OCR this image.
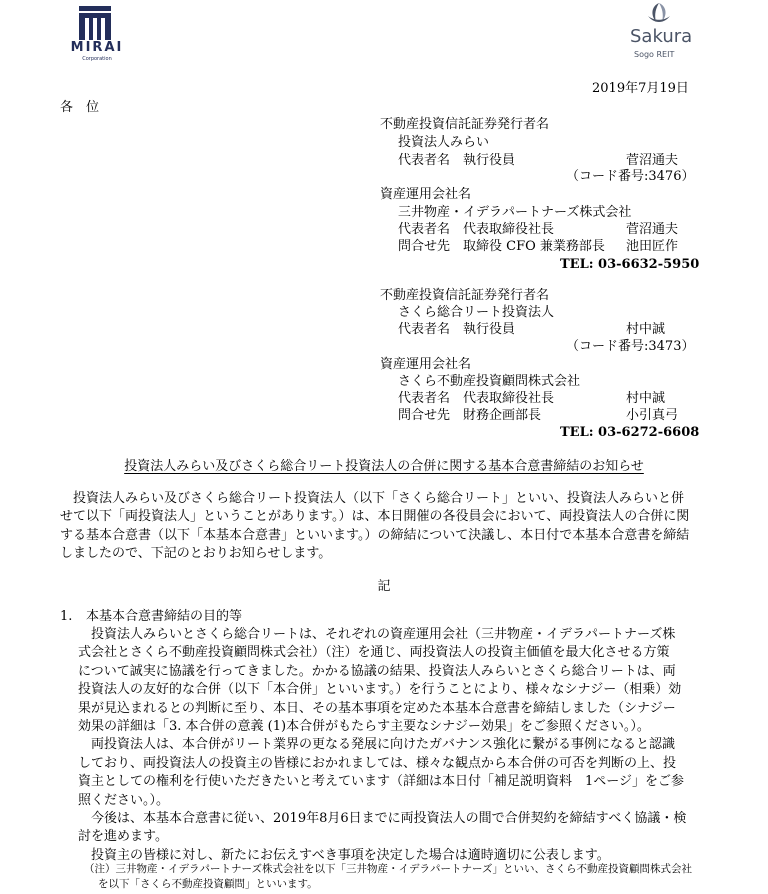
MIRAI
Corporation
Sakura
Sogo REIT
2019年7月19日
各　位
不動産投資信託証券発行者名
投資法人みらい
代表者名　執行役員	菅沼通夫
（コード番号:3476）
資産運用会社名
三井物産・イデラパートナーズ株式会社
代表者名　代表取締役社長	菅沼通夫
問合せ先　取締役 CFO 兼業務部長 池田匠作
TEL: 03-6632-5950
不動産投資信託証券発行者名
さくら総合リート投資法人
代表者名　執行役員	村中誠
（コード番号:3473）
資産運用会社名
さくら不動産投資顧問株式会社
代表者名　代表取締役社長	村中誠
問合せ先　財務企画部長	小引真弓
TEL: 03-6272-6608
投資法人みらい及びさくら総合リート投資法人の合併に関する基本合意書締結のお知らせ
投資法人みらい及びさくら総合リート投資法人（以下「さくら総合リート」といい、投資法人みらいと併
せて以下「両投資法人」ということがあります。）は、本日開催の各役員会において、両投資法人の合併に関
する基本合意書（以下「本基本合意書」といいます。）の締結について決議し、本日付で本基本合意書を締結
しましたので、下記のとおりお知らせします。
記
1. 本基本合意書締結の目的等
投資法人みらいとさくら総合リートは、それぞれの資産運用会社（三井物産・イデラパートナーズ株
式会社とさくら不動産投資顧問株式会社）（注）を通じ、両投資法人の投資主価値を最大化させる方策
について誠実に協議を行ってきました。かかる協議の結果、投資法人みらいとさくら総合リートは、両
投資法人の友好的な合併（以下「本合併」といいます。）を行うことにより、様々なシナジー（相乗）効
果が見込まれるとの判断に至り、本日、その基本事項を定めた本基本合意書を締結しました（シナジー
効果の詳細は「3. 本合併の意義 (1)本合併がもたらす主要なシナジー効果」をご参照ください。）。
両投資法人は、本合併がリート業界の更なる発展に向けたガバナンス強化に繋がる事例になると認識
しており、両投資法人の投資主の皆様におかれましては、様々な観点から本合併の可否を判断の上、投
資主としての権利を行使いただきたいと考えています（詳細は本日付「補足説明資料　1ページ」をご参
照ください。）。
今後は、本基本合意書に従い、2019年8月6日までに両投資法人の間で合併契約を締結すべく協議・検
討を進めます。
投資主の皆様に対し、新たにお伝えすべき事項を決定した場合は適時適切に公表します。
（注）三井物産・イデラパートナーズ株式会社を以下「三井物産・イデラパートナーズ」といい、さくら不動産投資顧問株式会社
を以下「さくら不動産投資顧問」といいます。
